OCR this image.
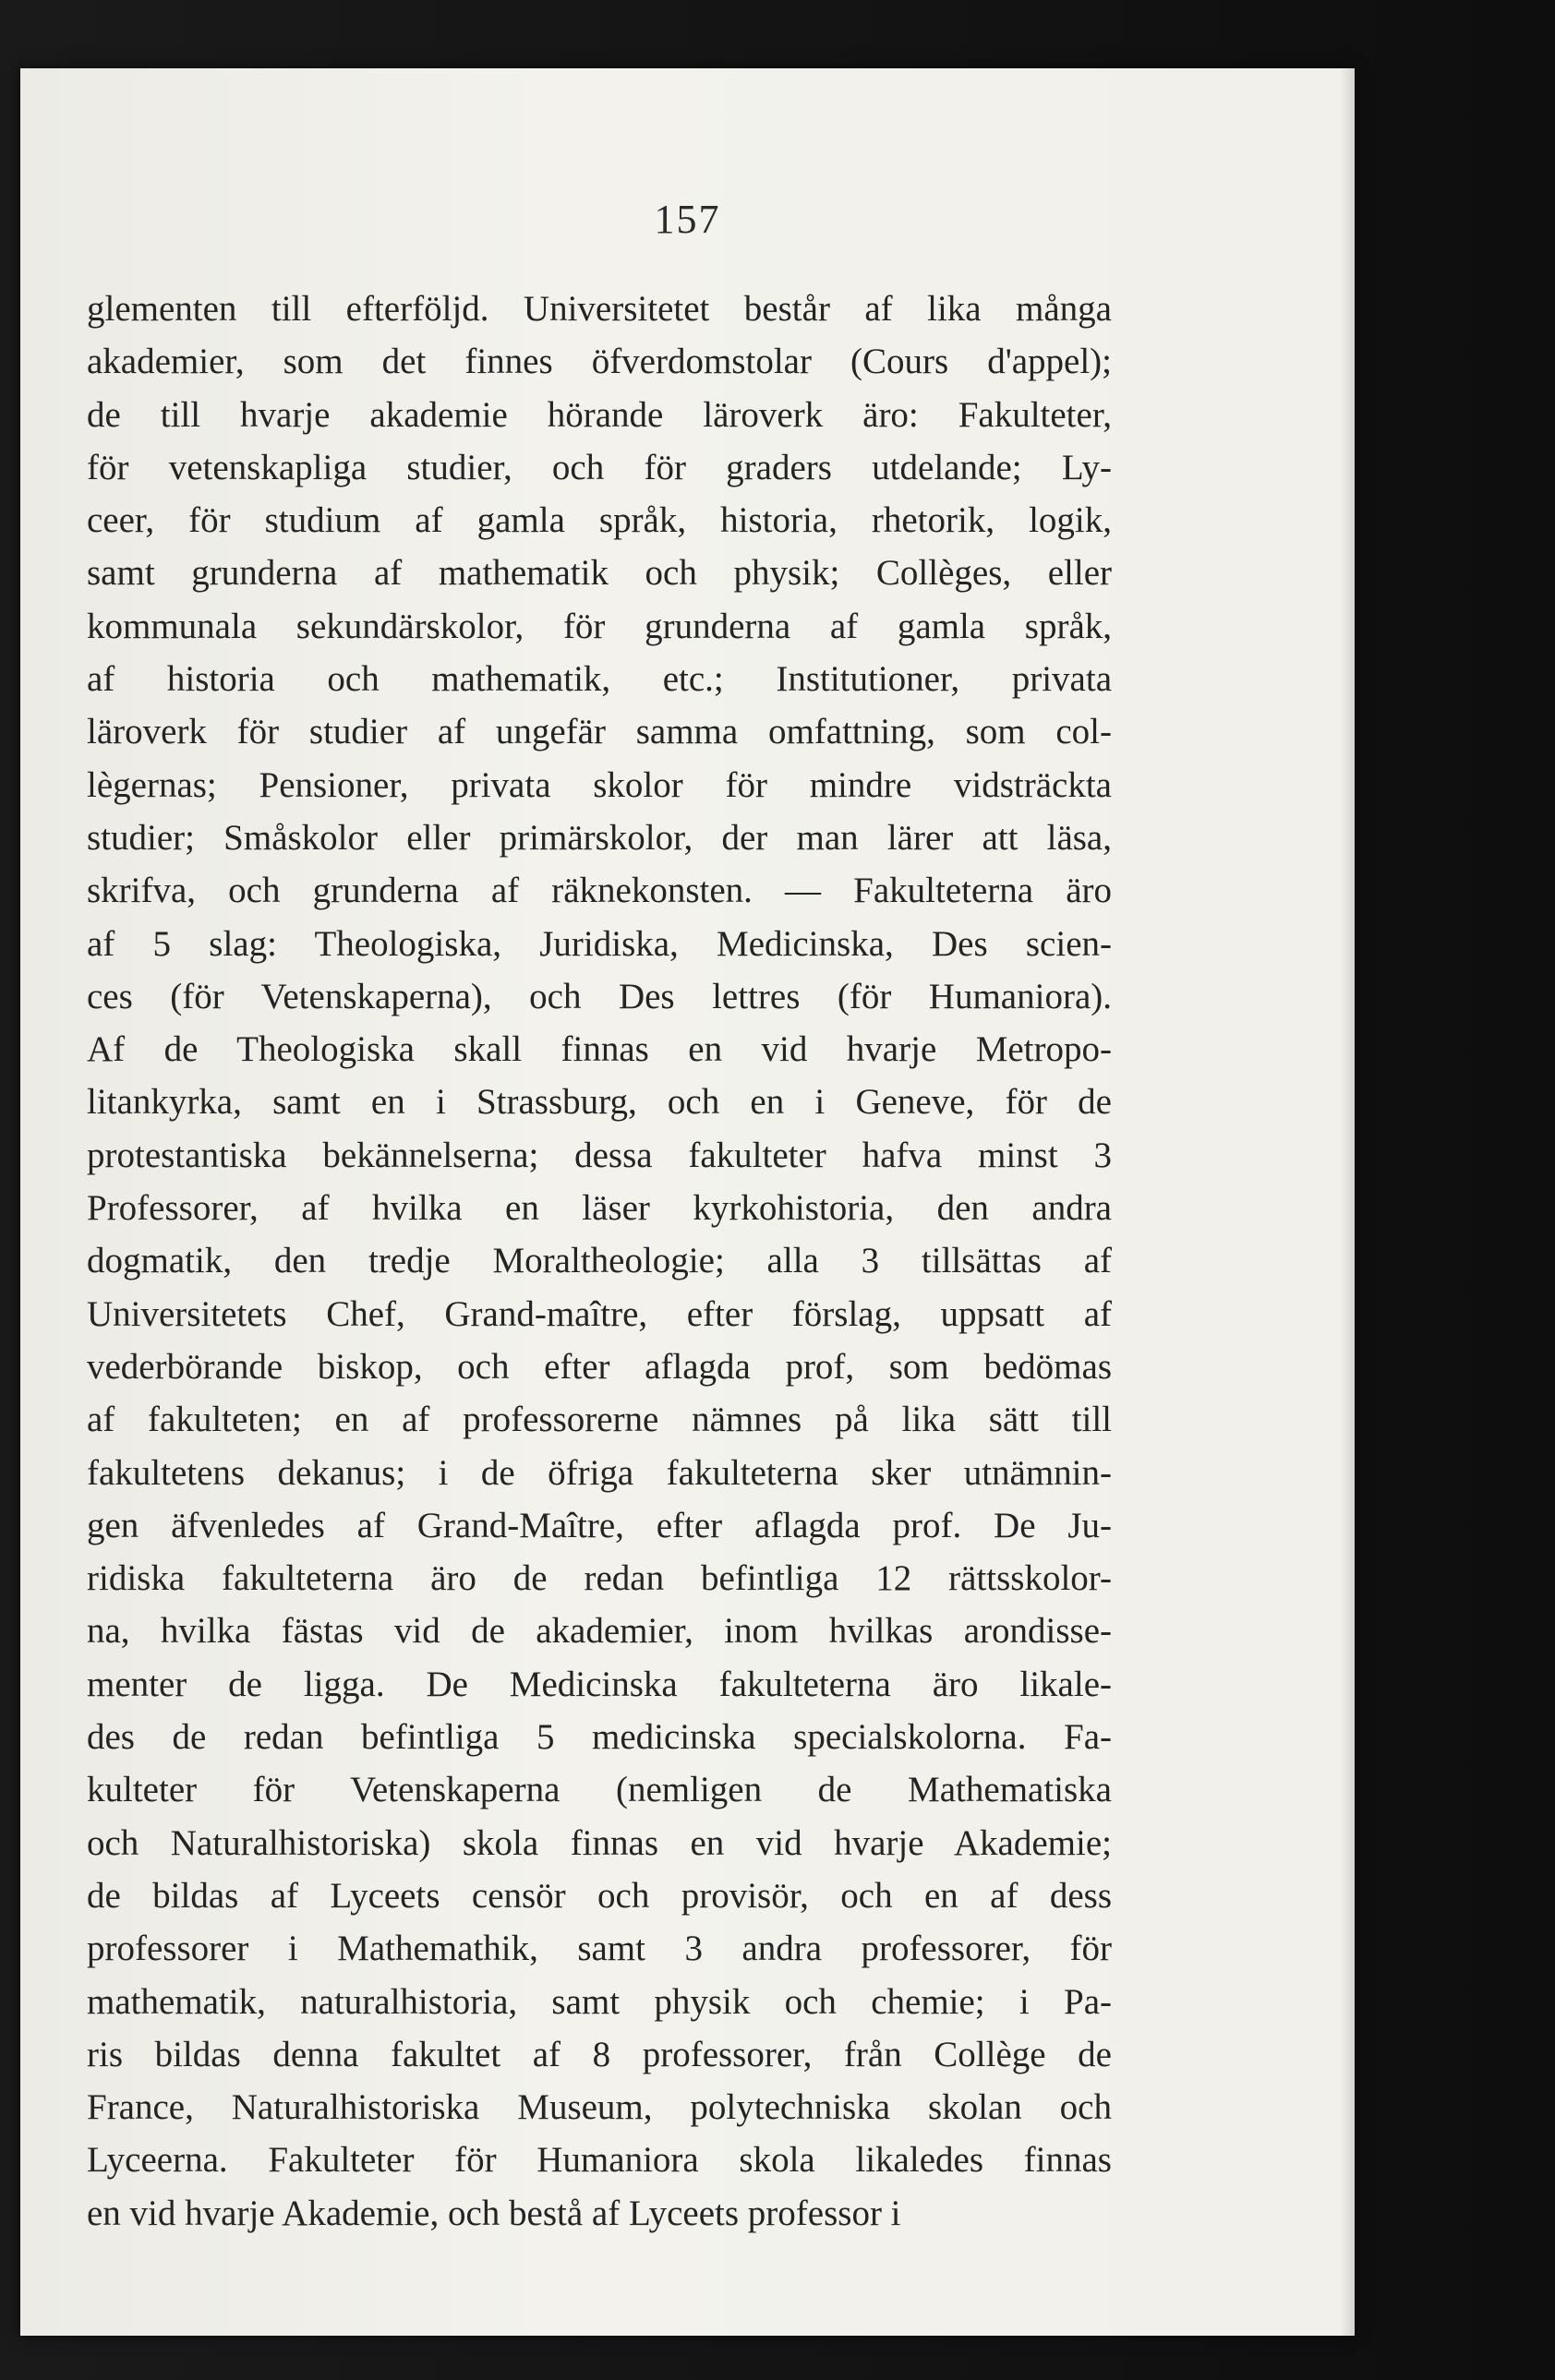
157
glementen till efterföljd. Universitetet består af lika många
akademier, som det finnes öfverdomstolar (Cours d'appel);
de till hvarje akademie hörande läroverk äro: Fakulteter,
för vetenskapliga studier, och för graders utdelande; Ly-
ceer, för studium af gamla språk, historia, rhetorik, logik,
samt grunderna af mathematik och physik; Collèges, eller
kommunala sekundärskolor, för grunderna af gamla språk,
af historia och mathematik, etc.; Institutioner, privata
läroverk för studier af ungefär samma omfattning, som col-
lègernas; Pensioner, privata skolor för mindre vidsträckta
studier; Småskolor eller primärskolor, der man lärer att läsa,
skrifva, och grunderna af räknekonsten. — Fakulteterna äro
af 5 slag: Theologiska, Juridiska, Medicinska, Des scien-
ces (för Vetenskaperna), och Des lettres (för Humaniora).
Af de Theologiska skall finnas en vid hvarje Metropo-
litankyrka, samt en i Strassburg, och en i Geneve, för de
protestantiska bekännelserna; dessa fakulteter hafva minst 3
Professorer, af hvilka en läser kyrkohistoria, den andra
dogmatik, den tredje Moraltheologie; alla 3 tillsättas af
Universitetets Chef, Grand-maître, efter förslag, uppsatt af
vederbörande biskop, och efter aflagda prof, som bedömas
af fakulteten; en af professorerne nämnes på lika sätt till
fakultetens dekanus; i de öfriga fakulteterna sker utnämnin-
gen äfvenledes af Grand-Maître, efter aflagda prof. De Ju-
ridiska fakulteterna äro de redan befintliga 12 rättsskolor-
na, hvilka fästas vid de akademier, inom hvilkas arondisse-
menter de ligga. De Medicinska fakulteterna äro likale-
des de redan befintliga 5 medicinska specialskolorna. Fa-
kulteter för Vetenskaperna (nemligen de Mathematiska
och Naturalhistoriska) skola finnas en vid hvarje Akademie;
de bildas af Lyceets censör och provisör, och en af dess
professorer i Mathemathik, samt 3 andra professorer, för
mathematik, naturalhistoria, samt physik och chemie; i Pa-
ris bildas denna fakultet af 8 professorer, från Collège de
France, Naturalhistoriska Museum, polytechniska skolan och
Lyceerna. Fakulteter för Humaniora skola likaledes finnas
en vid hvarje Akademie, och bestå af Lyceets professor i
